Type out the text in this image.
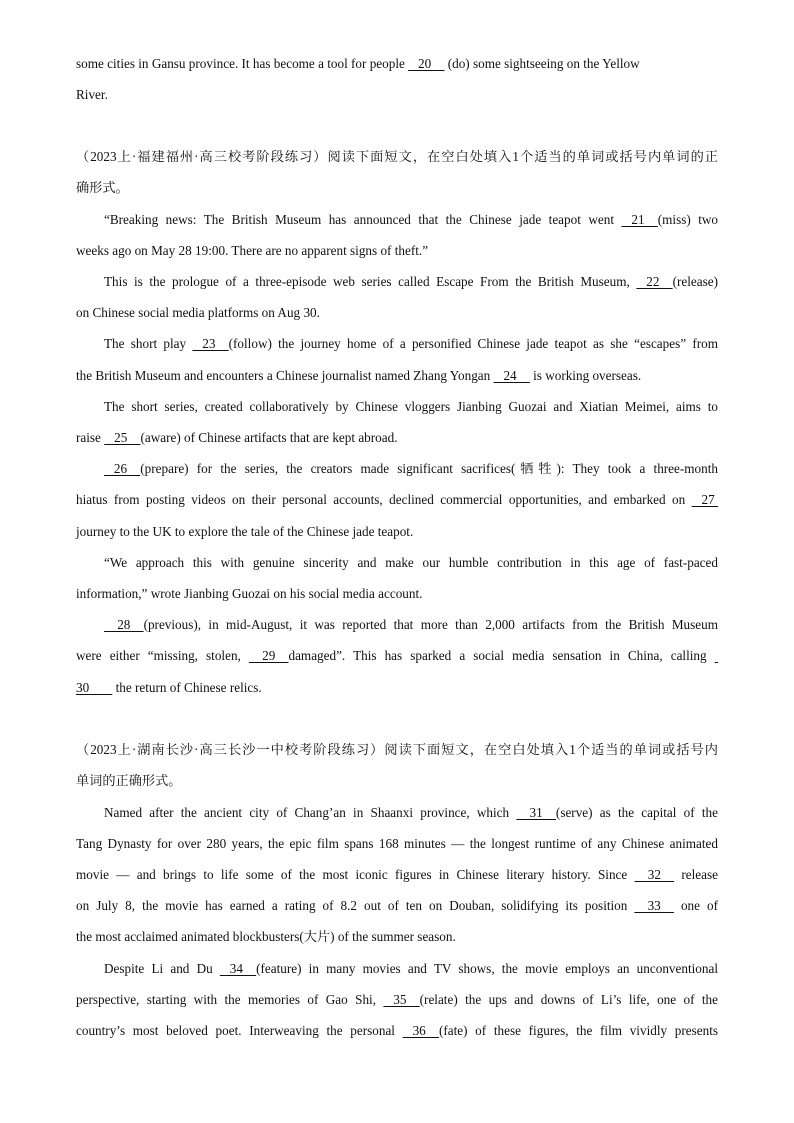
some cities in Gansu province. It has become a tool for people    20     (do) some sightseeing on the Yellow
River.
（2023上·福建福州·高三校考阶段练习）阅读下面短文，在空白处填入1个适当的单词或括号内单词的正
确形式。
“Breaking news: The British Museum has announced that the Chinese jade teapot went    21    (miss) two
weeks ago on May 28 19:00. There are no apparent signs of theft.”
This is the prologue of a three-episode web series called Escape From the British Museum,    22    (release)
on Chinese social media platforms on Aug 30.
The short play    23    (follow) the journey home of a personified Chinese jade teapot as she “escapes” from
the British Museum and encounters a Chinese journalist named Zhang Yongan    24     is working overseas.
The short series, created collaboratively by Chinese vloggers Jianbing Guozai and Xiatian Meimei, aims to
raise    25    (aware) of Chinese artifacts that are kept abroad.
26    (prepare) for the series, the creators made significant sacrifices(牺牲): They took a three-month
hiatus from posting videos on their personal accounts, declined commercial opportunities, and embarked on    27
journey to the UK to explore the tale of the Chinese jade teapot.
“We approach this with genuine sincerity and make our humble contribution in this age of fast-paced
information,” wrote Jianbing Guozai on his social media account.
28    (previous), in mid-August, it was reported that more than 2,000 artifacts from the British Museum
were either “missing, stolen,     29    damaged”. This has sparked a social media sensation in China, calling
30        the return of Chinese relics.
（2023上·湖南长沙·高三长沙一中校考阶段练习）阅读下面短文，在空白处填入1个适当的单词或括号内
单词的正确形式。
Named after the ancient city of Chang’an in Shaanxi province, which     31    (serve) as the capital of the
Tang Dynasty for over 280 years, the epic film spans 168 minutes — the longest runtime of any Chinese animated
movie — and brings to life some of the most iconic figures in Chinese literary history. Since     32     release
on July 8, the movie has earned a rating of 8.2 out of ten on Douban, solidifying its position     33     one of
the most acclaimed animated blockbusters(大片) of the summer season.
Despite Li and Du    34    (feature) in many movies and TV shows, the movie employs an unconventional
perspective, starting with the memories of Gao Shi,    35    (relate) the ups and downs of Li’s life, one of the
country’s most beloved poet. Interweaving the personal    36    (fate) of these figures, the film vividly presents
